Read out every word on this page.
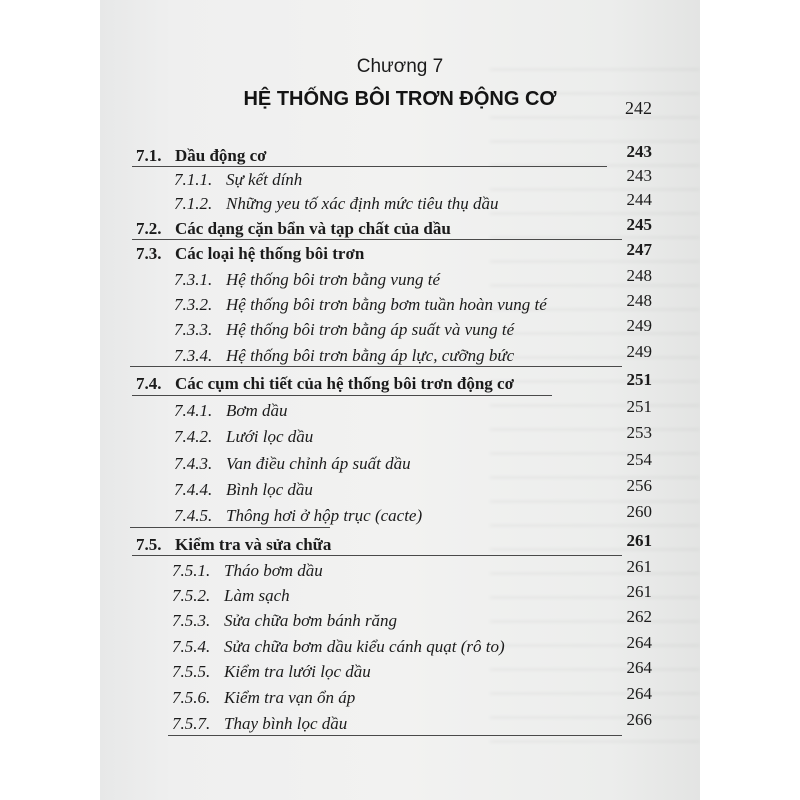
Chương 7
HỆ THỐNG BÔI TRƠN ĐỘNG CƠ	242
7.1. Dầu động cơ	243
7.1.1. Sự kết dính	243
7.1.2. Những yeu tố xác định mức tiêu thụ dầu	244
7.2. Các dạng cặn bẩn và tạp chất của dầu	245
7.3. Các loại hệ thống bôi trơn	247
7.3.1. Hệ thống bôi trơn bằng vung té	248
7.3.2. Hệ thống bôi trơn bằng bơm tuần hoàn vung té	248
7.3.3. Hệ thống bôi trơn bằng áp suất và vung té	249
7.3.4. Hệ thống bôi trơn bằng áp lực, cưỡng bức	249
7.4. Các cụm chi tiết của hệ thống bôi trơn động cơ	251
7.4.1. Bơm dầu	251
7.4.2. Lưới lọc dầu	253
7.4.3. Van điều chỉnh áp suất dầu	254
7.4.4. Bình lọc dầu	256
7.4.5. Thông hơi ở hộp trục (cacte)	260
7.5. Kiểm tra và sửa chữa	261
7.5.1. Tháo bơm dầu	261
7.5.2. Làm sạch	261
7.5.3. Sửa chữa bơm bánh răng	262
7.5.4. Sửa chữa bơm dầu kiểu cánh quạt (rô to)	264
7.5.5. Kiểm tra lưới lọc dầu	264
7.5.6. Kiểm tra vạn ổn áp	264
7.5.7. Thay bình lọc dầu	266
